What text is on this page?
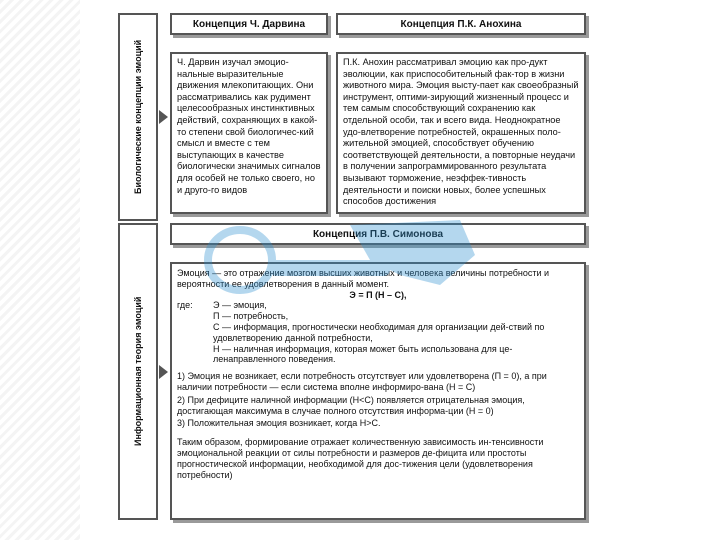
Биологические концепции эмоций
Информационная теория эмоций
Концепция Ч. Дарвина

Ч. Дарвин изучал эмоцио-нальные выразительные движения млекопитающих. Они рассматривались как рудимент целесообразных инстинктивных действий, сохраняющих в какой-то степени свой биологичес-кий смысл и вместе с тем выступающих в качестве биологически значимых сигналов для особей не только своего, но и друго-го видов

Концепция П.К. Анохина

П.К. Анохин рассматривал эмоцию как про-дукт эволюции, как приспособительный фак-тор в жизни животного мира. Эмоция высту-пает как своеобразный инструмент, оптими-зирующий жизненный процесс и тем самым способствующий сохранению как отдельной особи, так и всего вида. Неоднократное удо-влетворение потребностей, окрашенных поло-жительной эмоцией, способствует обучению соответствующей деятельности, а повторные неудачи в получении запрограммированного результата вызывают торможение, неэффек-тивность деятельности и поиски новых, более успешных способов достижения

Концепция П.В. Симонова

Эмоция — это отражение мозгом высших животных и человека величины потребности и вероятности ее удовлетворения в данный момент.

Э = П (Н – С),

где:	Э — эмоция,
П — потребность,
С — информация, прогностически необходимая для организации дей-ствий по удовлетворению данной потребности,
Н — наличная информация, которая может быть использована для це-ленаправленного поведения.

1) Эмоция не возникает, если потребность отсутствует или удовлетворена (П = 0), а при наличии потребности — если система вполне информиро-вана (Н = С)

2) При дефиците наличной информации (Н<С) появляется отрицательная эмоция, достигающая максимума в случае полного отсутствия информа-ции (Н = 0)

3) Положительная эмоция возникает, когда Н>С.

Таким образом, формирование отражает количественную зависимость ин-тенсивности эмоциональной реакции от силы потребности и размеров де-фицита или простоты прогностической информации, необходимой для дос-тижения цели (удовлетворения потребности)
